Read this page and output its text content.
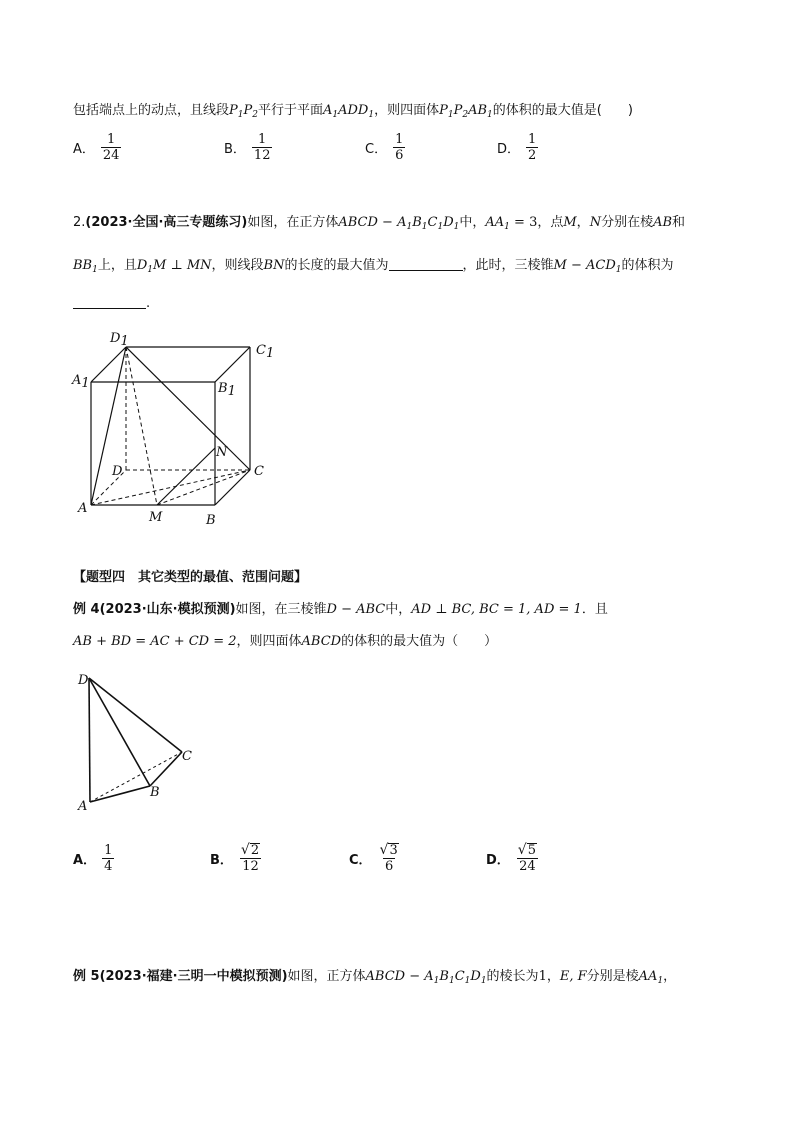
包括端点上的动点，且线段$P_1P_2$平行于平面$A_1ADD_1$，则四面体$P_1P_2AB_1$的体积的最大值是(　　)
A． $\frac{1}{24}$	B． $\frac{1}{12}$	C． $\frac{1}{6}$	D． $\frac{1}{2}$
2.(2023·全国·高三专题练习)如图，在正方体ABCD − $A_1B_1C_1D_1$中，$AA_1 = 3$，点M，N分别在棱AB和
$BB_1$上，且$D_1M$ ⊥ MN，则线段BN的长度的最大值为	，此时，三棱锥$M - ACD_1$的体积为
.
D1
C1
A1	B1
N
D	C
A
M	B
【题型四　其它类型的最值、范围问题】
例 4(2023·山东·模拟预测)如图，在三棱锥D − ABC中，AD ⊥ BC, BC = 1, AD = 1．且
AB + BD = AC + CD = 2，则四面体ABCD的体积的最大值为（　　）
D
C
A
B
A． $\frac{1}{4}$	B． $\frac{√ 2}{12}$	C． $\frac{√ 3}{6}$	D． $\frac{√ 5}{24}$
例 5(2023·福建·三明一中模拟预测)如图，正方体ABCD − $A_1B_1C_1D_1$的棱长为1，E, F分别是棱$AA_1$，
